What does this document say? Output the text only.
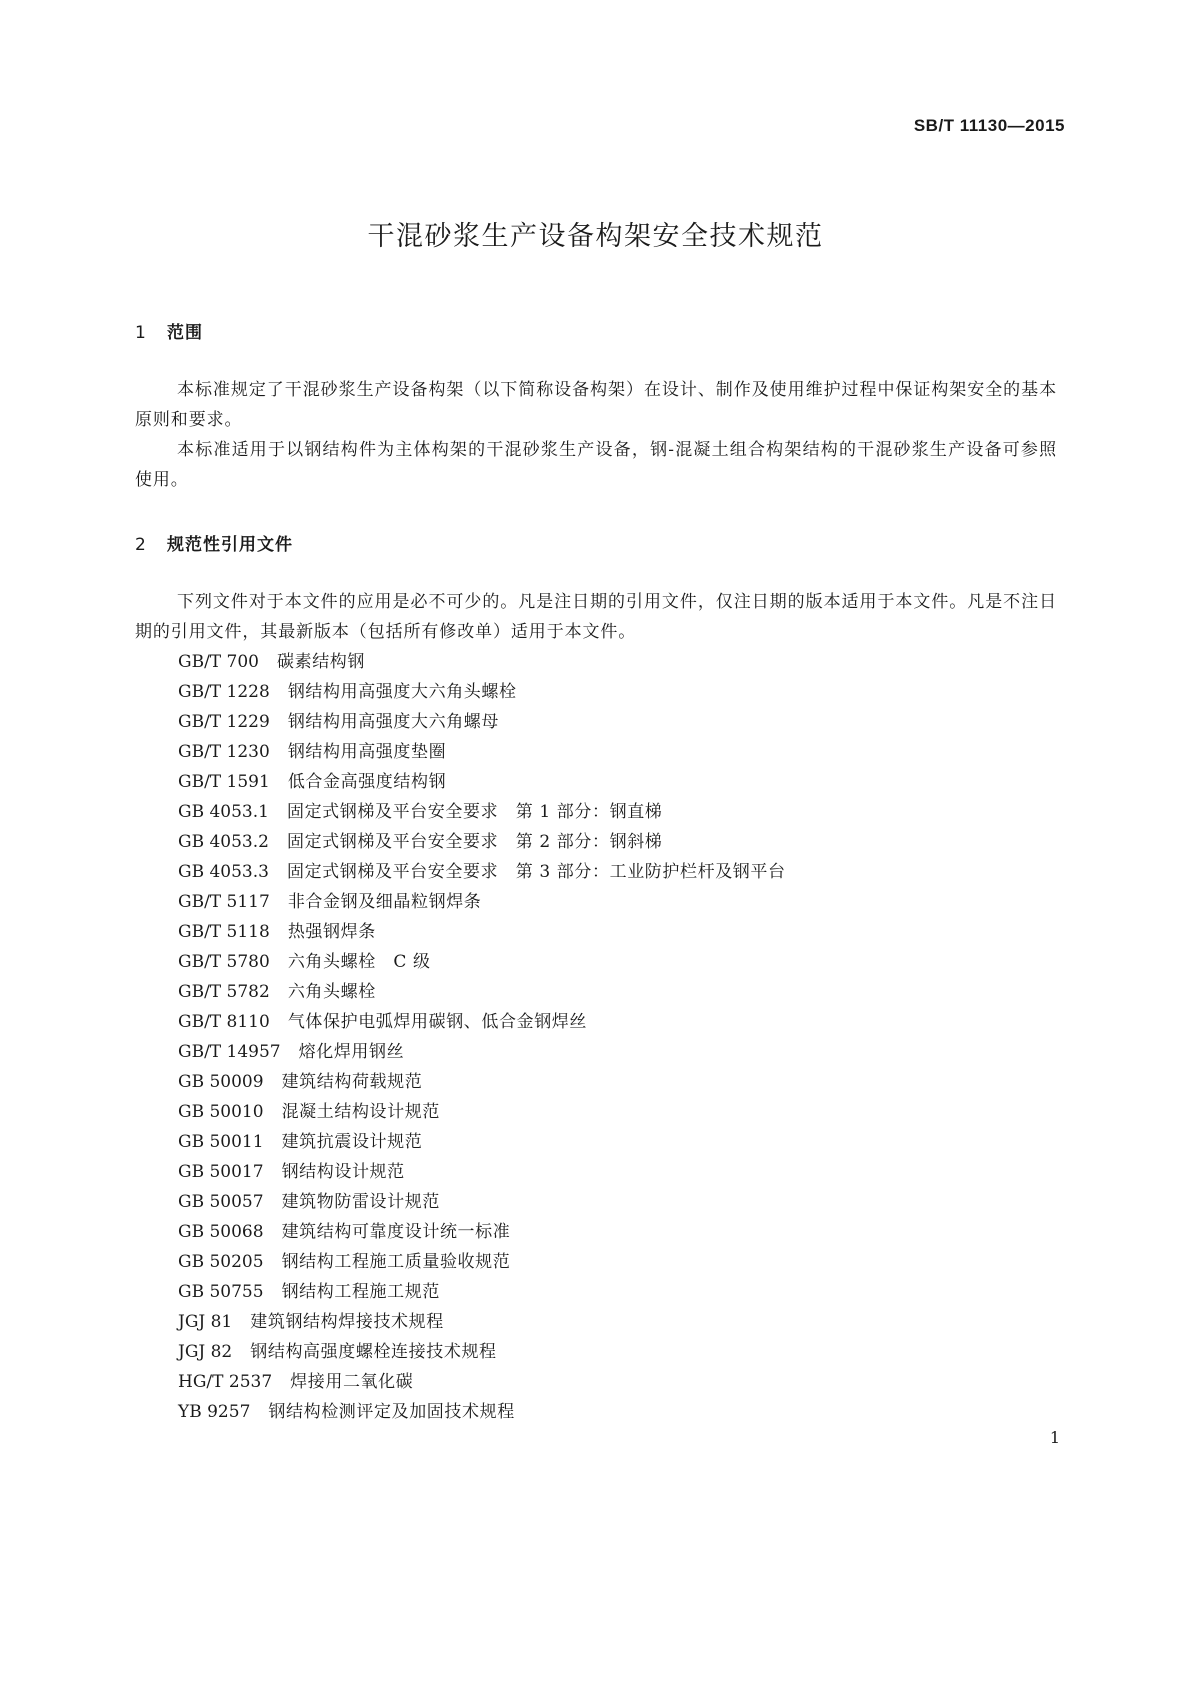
SB/T 11130—2015
干混砂浆生产设备构架安全技术规范
1 范围
本标准规定了干混砂浆生产设备构架（以下简称设备构架）在设计、制作及使用维护过程中保证构架安全的基本原则和要求。
本标准适用于以钢结构件为主体构架的干混砂浆生产设备，钢-混凝土组合构架结构的干混砂浆生产设备可参照使用。
2 规范性引用文件
下列文件对于本文件的应用是必不可少的。凡是注日期的引用文件，仅注日期的版本适用于本文件。凡是不注日期的引用文件，其最新版本（包括所有修改单）适用于本文件。
GB/T 700 碳素结构钢
GB/T 1228 钢结构用高强度大六角头螺栓
GB/T 1229 钢结构用高强度大六角螺母
GB/T 1230 钢结构用高强度垫圈
GB/T 1591 低合金高强度结构钢
GB 4053.1 固定式钢梯及平台安全要求　第 1 部分：钢直梯
GB 4053.2 固定式钢梯及平台安全要求　第 2 部分：钢斜梯
GB 4053.3 固定式钢梯及平台安全要求　第 3 部分：工业防护栏杆及钢平台
GB/T 5117 非合金钢及细晶粒钢焊条
GB/T 5118 热强钢焊条
GB/T 5780 六角头螺栓　C 级
GB/T 5782 六角头螺栓
GB/T 8110 气体保护电弧焊用碳钢、低合金钢焊丝
GB/T 14957 熔化焊用钢丝
GB 50009 建筑结构荷载规范
GB 50010 混凝土结构设计规范
GB 50011 建筑抗震设计规范
GB 50017 钢结构设计规范
GB 50057 建筑物防雷设计规范
GB 50068 建筑结构可靠度设计统一标准
GB 50205 钢结构工程施工质量验收规范
GB 50755 钢结构工程施工规范
JGJ 81 建筑钢结构焊接技术规程
JGJ 82 钢结构高强度螺栓连接技术规程
HG/T 2537 焊接用二氧化碳
YB 9257 钢结构检测评定及加固技术规程
1
